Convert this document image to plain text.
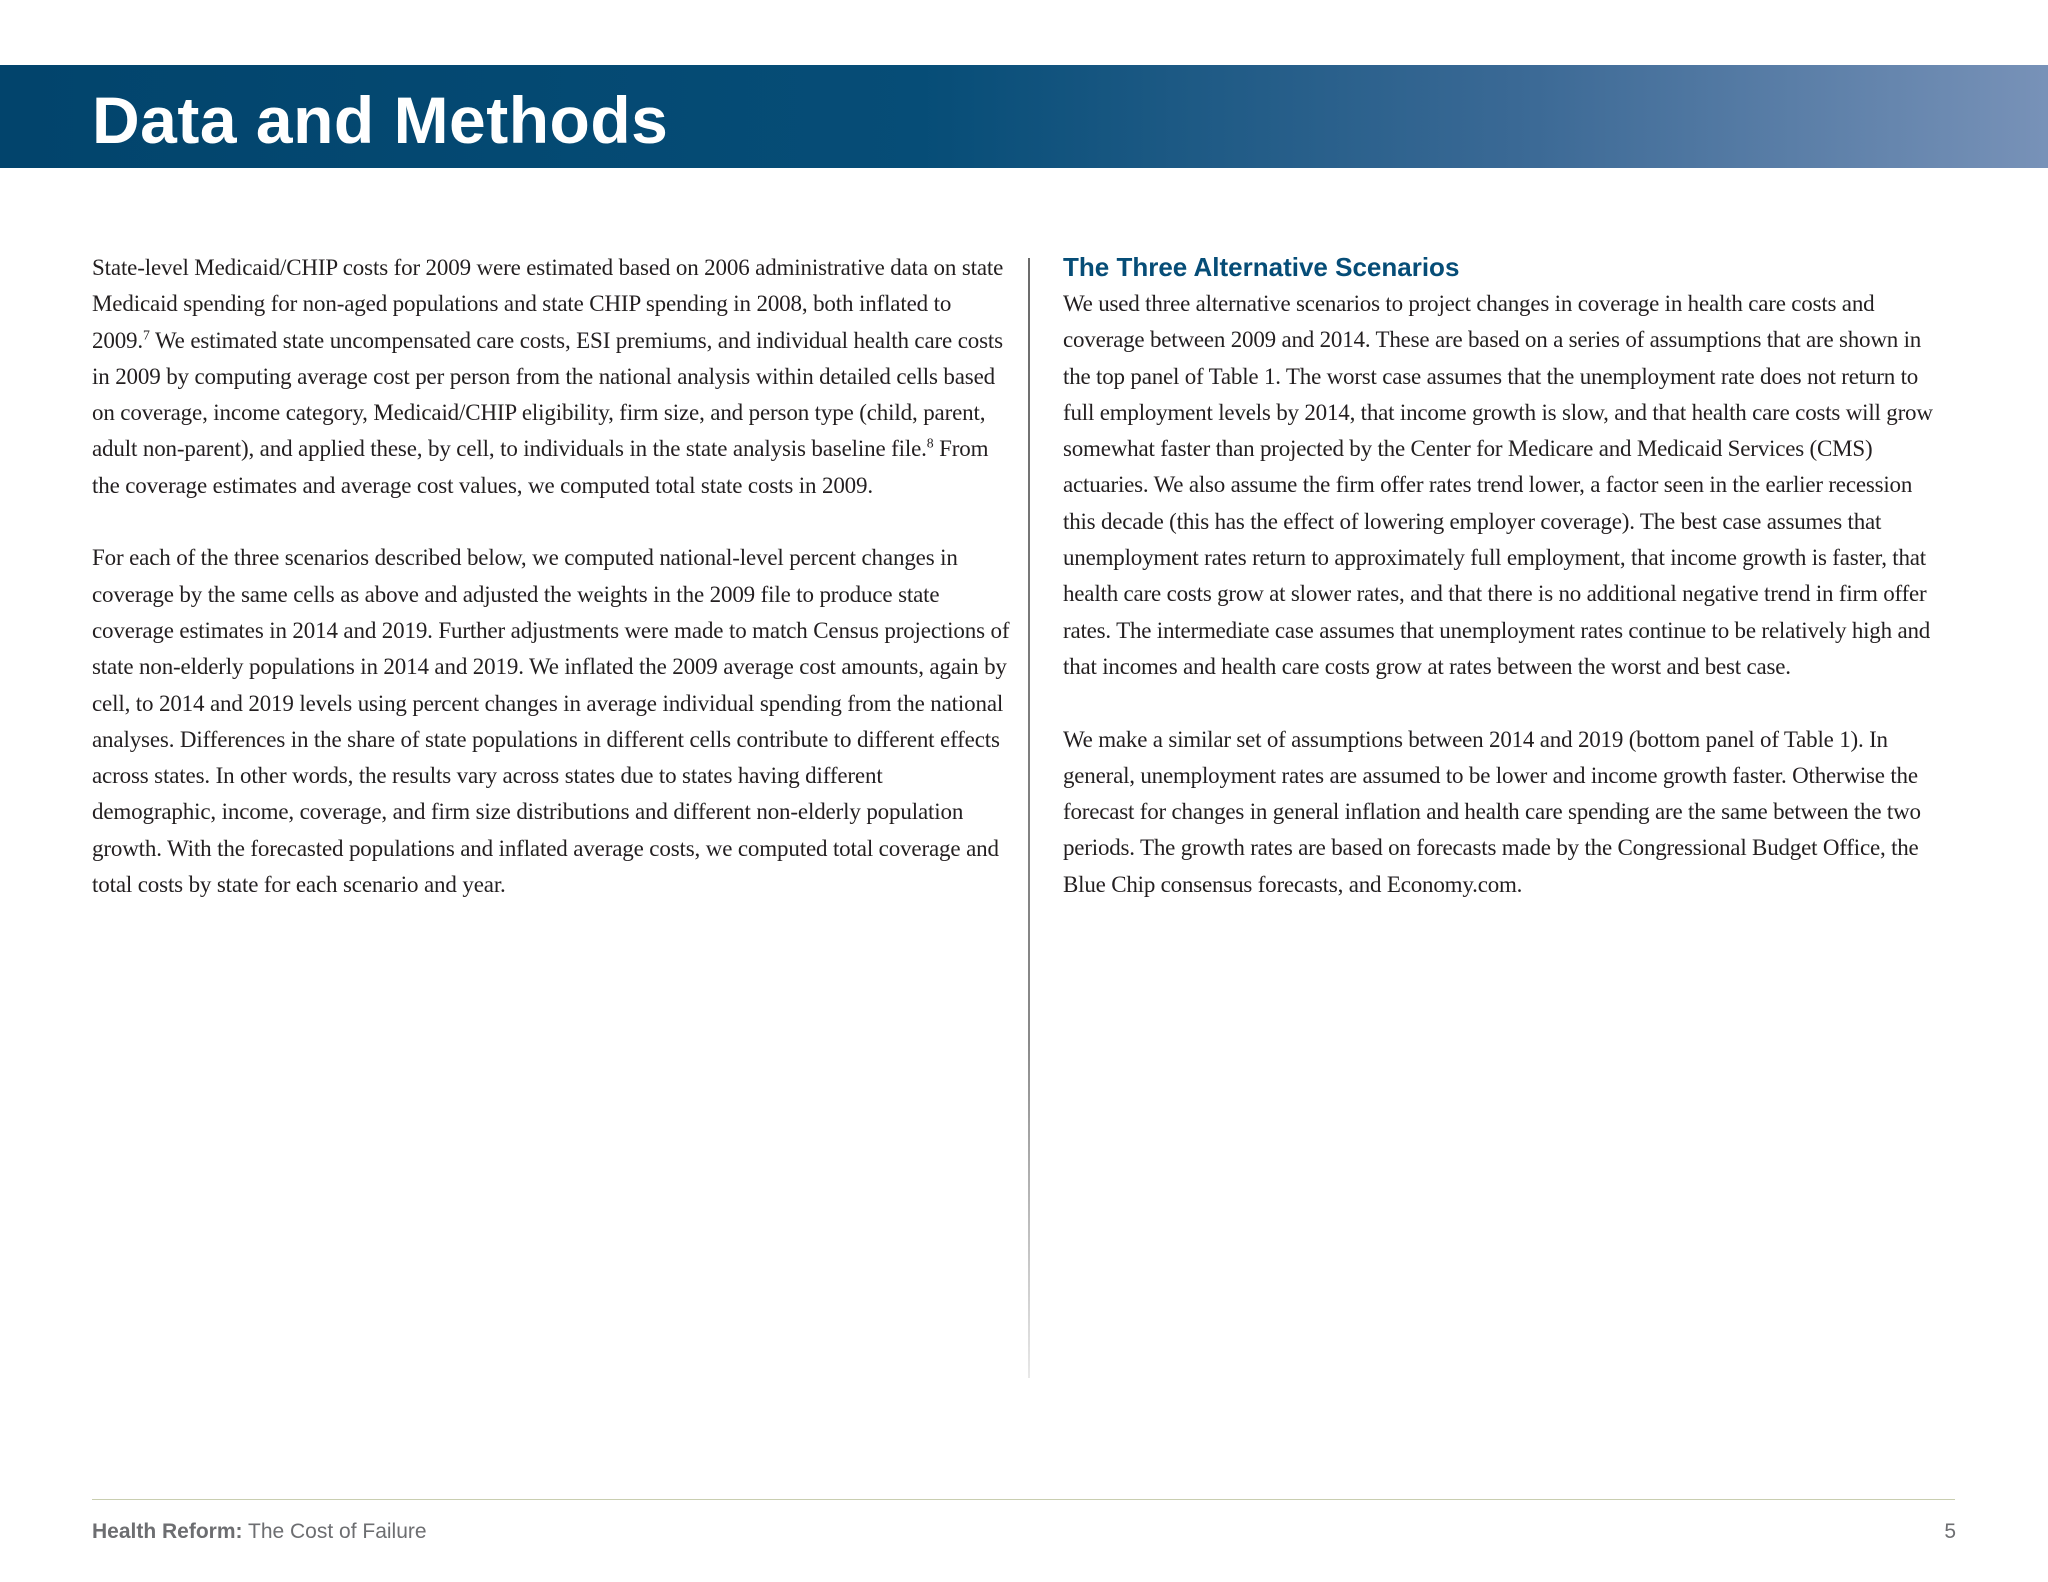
Data and Methods

State-level Medicaid/CHIP costs for 2009 were estimated based on 2006 administrative data on state Medicaid spending for non-aged populations and state CHIP spending in 2008, both inflated to 2009.$^7$ We estimated state uncompensated care costs, ESI premiums, and individual health care costs in 2009 by computing average cost per person from the national analysis within detailed cells based on coverage, income category, Medicaid/CHIP eligibility, firm size, and person type (child, parent, adult non-parent), and applied these, by cell, to individuals in the state analysis baseline file.$^8$ From the coverage estimates and average cost values, we computed total state costs in 2009.

For each of the three scenarios described below, we computed national-level percent changes in coverage by the same cells as above and adjusted the weights in the 2009 file to produce state coverage estimates in 2014 and 2019. Further adjustments were made to match Census projections of state non-elderly populations in 2014 and 2019. We inflated the 2009 average cost amounts, again by cell, to 2014 and 2019 levels using percent changes in average individual spending from the national analyses. Differences in the share of state populations in different cells contribute to different effects across states. In other words, the results vary across states due to states having different demographic, income, coverage, and firm size distributions and different non-elderly population growth. With the forecasted populations and inflated average costs, we computed total coverage and total costs by state for each scenario and year.

The Three Alternative Scenarios

We used three alternative scenarios to project changes in coverage in health care costs and coverage between 2009 and 2014. These are based on a series of assumptions that are shown in the top panel of Table 1. The worst case assumes that the unemployment rate does not return to full employment levels by 2014, that income growth is slow, and that health care costs will grow somewhat faster than projected by the Center for Medicare and Medicaid Services (CMS) actuaries. We also assume the firm offer rates trend lower, a factor seen in the earlier recession this decade (this has the effect of lowering employer coverage). The best case assumes that unemployment rates return to approximately full employment, that income growth is faster, that health care costs grow at slower rates, and that there is no additional negative trend in firm offer rates. The intermediate case assumes that unemployment rates continue to be relatively high and that incomes and health care costs grow at rates between the worst and best case.

We make a similar set of assumptions between 2014 and 2019 (bottom panel of Table 1). In general, unemployment rates are assumed to be lower and income growth faster. Otherwise the forecast for changes in general inflation and health care spending are the same between the two periods. The growth rates are based on forecasts made by the Congressional Budget Office, the Blue Chip consensus forecasts, and Economy.com.

Health Reform: The Cost of Failure	5
